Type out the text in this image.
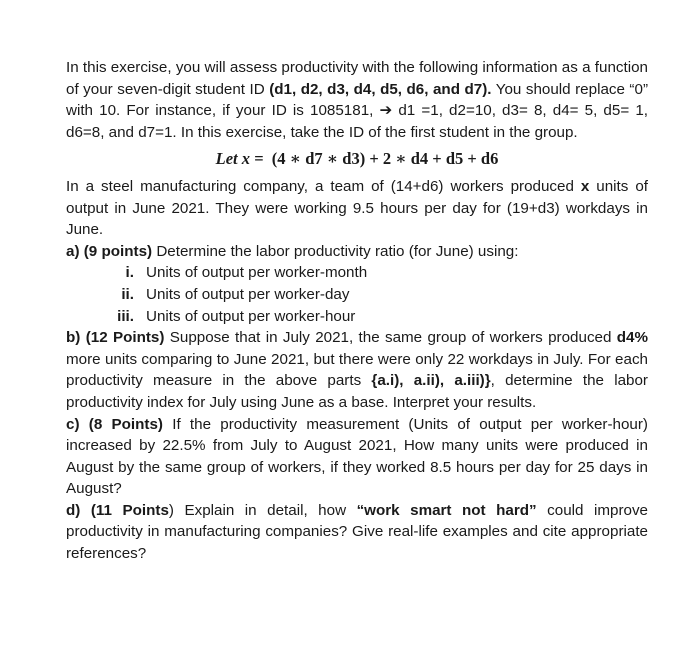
In this exercise, you will assess productivity with the following information as a function of your seven-digit student ID (d1, d2, d3, d4, d5, d6, and d7). You should replace “0” with 10. For instance, if your ID is 1085181, ➔ d1 =1, d2=10, d3= 8, d4= 5, d5= 1, d6=8, and d7=1. In this exercise, take the ID of the first student in the group.

Let x = (4 ∗ d7 ∗ d3) + 2 ∗ d4 + d5 + d6

In a steel manufacturing company, a team of (14+d6) workers produced x units of output in June 2021. They were working 9.5 hours per day for (19+d3) workdays in June.

a) (9 points) Determine the labor productivity ratio (for June) using:

i. Units of output per worker-month
ii. Units of output per worker-day
iii. Units of output per worker-hour

b) (12 Points) Suppose that in July 2021, the same group of workers produced d4% more units comparing to June 2021, but there were only 22 workdays in July. For each productivity measure in the above parts {a.i), a.ii), a.iii)}, determine the labor productivity index for July using June as a base. Interpret your results.

c) (8 Points) If the productivity measurement (Units of output per worker-hour) increased by 22.5% from July to August 2021, How many units were produced in August by the same group of workers, if they worked 8.5 hours per day for 25 days in August?

d) (11 Points) Explain in detail, how “work smart not hard” could improve productivity in manufacturing companies? Give real-life examples and cite appropriate references?
